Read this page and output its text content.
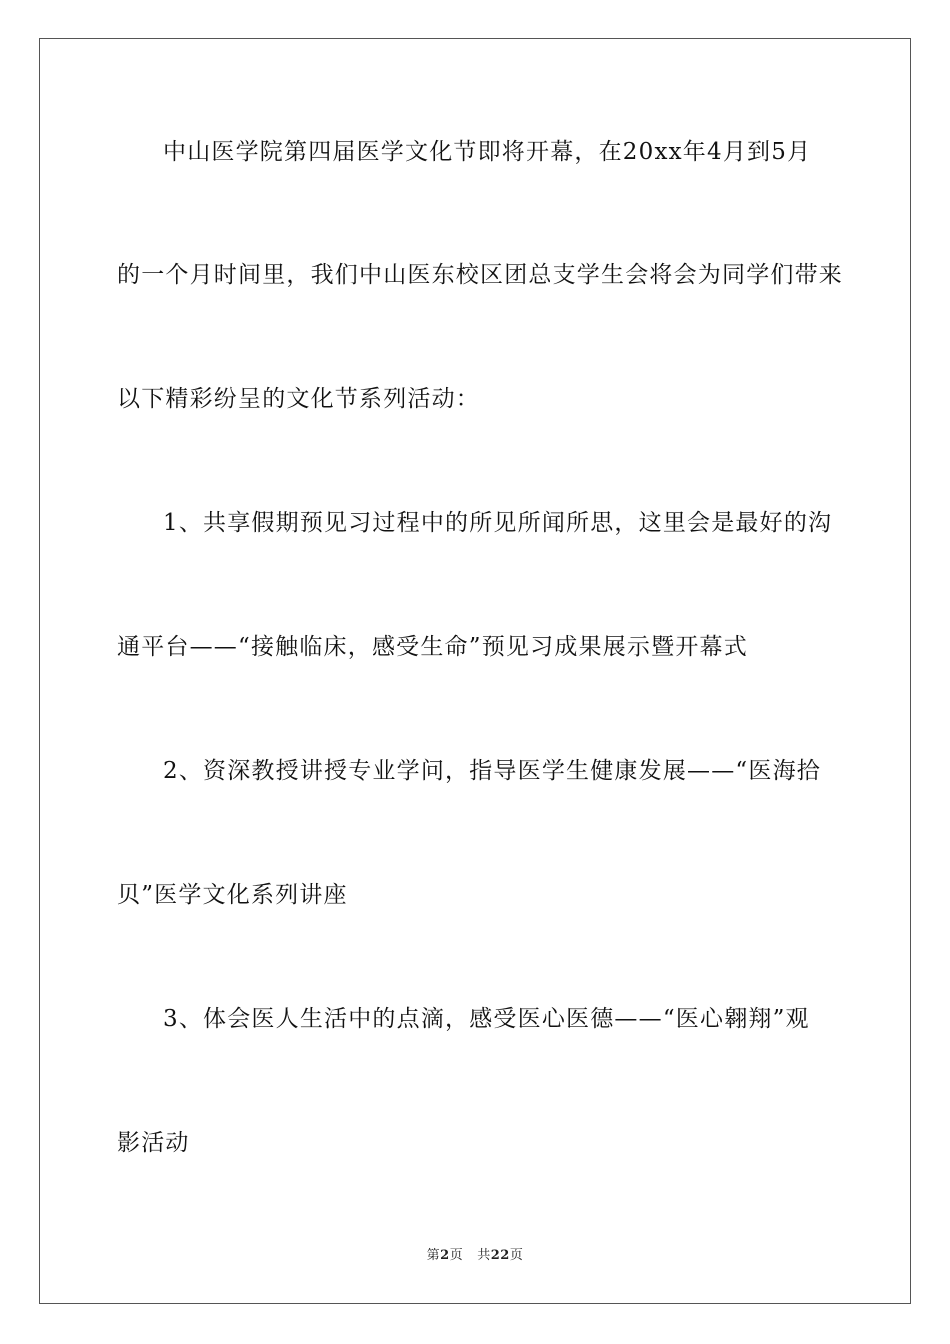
中山医学院第四届医学文化节即将开幕，在20xx年4月到5月
的一个月时间里，我们中山医东校区团总支学生会将会为同学们带来
以下精彩纷呈的文化节系列活动：
1、共享假期预见习过程中的所见所闻所思，这里会是最好的沟
通平台——“接触临床，感受生命”预见习成果展示暨开幕式
2、资深教授讲授专业学问，指导医学生健康发展——“医海拾
贝”医学文化系列讲座
3、体会医人生活中的点滴，感受医心医德——“医心翱翔”观
影活动
第2页 共22页
